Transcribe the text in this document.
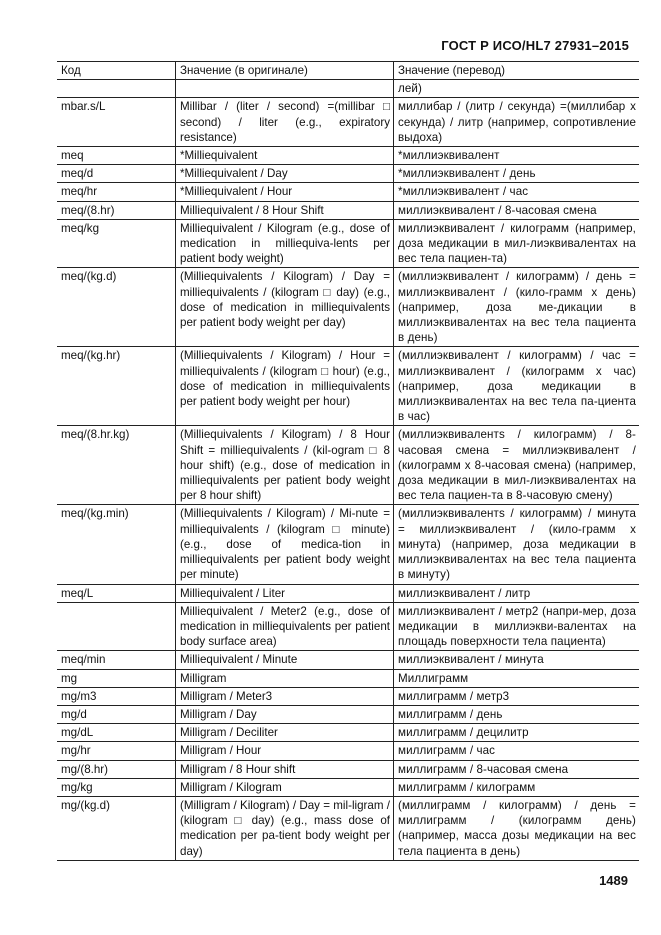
ГОСТ Р ИСО/HL7 27931–2015
Код	Значение (в оригинале)	Значение (перевод)
		лей)
mbar.s/L	Millibar / (liter / second) =(millibar □ second) / liter (e.g., expiratory resistance)	миллибар / (литр / секунда) =(миллибар х секунда) / литр (например, сопротивление выдоха)
meq	*Milliequivalent	*миллиэквивалент
meq/d	*Milliequivalent / Day	*миллиэквивалент / день
meq/hr	*Milliequivalent / Hour	*миллиэквивалент / час
meq/(8.hr)	Milliequivalent / 8 Hour Shift	миллиэквивалент / 8-часовая смена
meq/kg	Milliequivalent / Kilogram (e.g., dose of medication in milliequiva-lents per patient body weight)	миллиэквивалент / килограмм (например, доза медикации в мил-лиэквивалентах на вес тела пациен-та)
meq/(kg.d)	(Milliequivalents / Kilogram) / Day = milliequivalents / (kilogram □ day) (e.g., dose of medication in milliequivalents per patient body weight per day)	(миллиэквивалент / килограмм) / день = миллиэквивалент / (кило-грамм х день) (например, доза ме-дикации в миллиэквивалентах на вес тела пациента в день)
meq/(kg.hr)	(Milliequivalents / Kilogram) / Hour = milliequivalents / (kilogram □ hour) (e.g., dose of medication in milliequivalents per patient body weight per hour)	(миллиэквивалент / килограмм) / час = миллиэквивалент / (килограмм х час) (например, доза медикации в миллиэквивалентах на вес тела па-циента в час)
meq/(8.hr.kg)	(Milliequivalents / Kilogram) / 8 Hour Shift = milliequivalents / (kil-ogram □ 8 hour shift) (e.g., dose of medication in milliequivalents per patient body weight per 8 hour shift)	(миллиэквивалентs / килограмм) / 8-часовая смена = миллиэквивалент / (килограмм х 8-часовая смена) (например, доза медикации в мил-лиэквивалентах на вес тела пациен-та в 8-часовую смену)
meq/(kg.min)	(Milliequivalents / Kilogram) / Mi-nute = milliequivalents / (kilogram □ minute) (e.g., dose of medica-tion in milliequivalents per patient body weight per minute)	(миллиэквивалентs / килограмм) / минута = миллиэквивалент / (кило-грамм х минута) (например, доза медикации в миллиэквивалентах на вес тела пациента в минуту)
meq/L	Milliequivalent / Liter	миллиэквивалент / литр
	Milliequivalent / Meter2 (e.g., dose of medication in milliequivalents per patient body surface area)	миллиэквивалент / метр2 (напри-мер, доза медикации в миллиэкви-валентах на площадь поверхности тела пациента)
meq/min	Milliequivalent / Minute	миллиэквивалент / минута
mg	Milligram	Миллиграмм
mg/m3	Milligram / Meter3	миллиграмм / метр3
mg/d	Milligram / Day	миллиграмм / день
mg/dL	Milligram / Deciliter	миллиграмм / децилитр
mg/hr	Milligram / Hour	миллиграмм / час
mg/(8.hr)	Milligram / 8 Hour shift	миллиграмм / 8-часовая смена
mg/kg	Milligram / Kilogram	миллиграмм / килограмм
mg/(kg.d)	(Milligram / Kilogram) / Day = mil-ligram / (kilogram □ day) (e.g., mass dose of medication per pa-tient body weight per day)	(миллиграмм / килограмм) / день = миллиграмм / (килограмм день) (например, масса дозы медикации на вес тела пациента в день)
1489
